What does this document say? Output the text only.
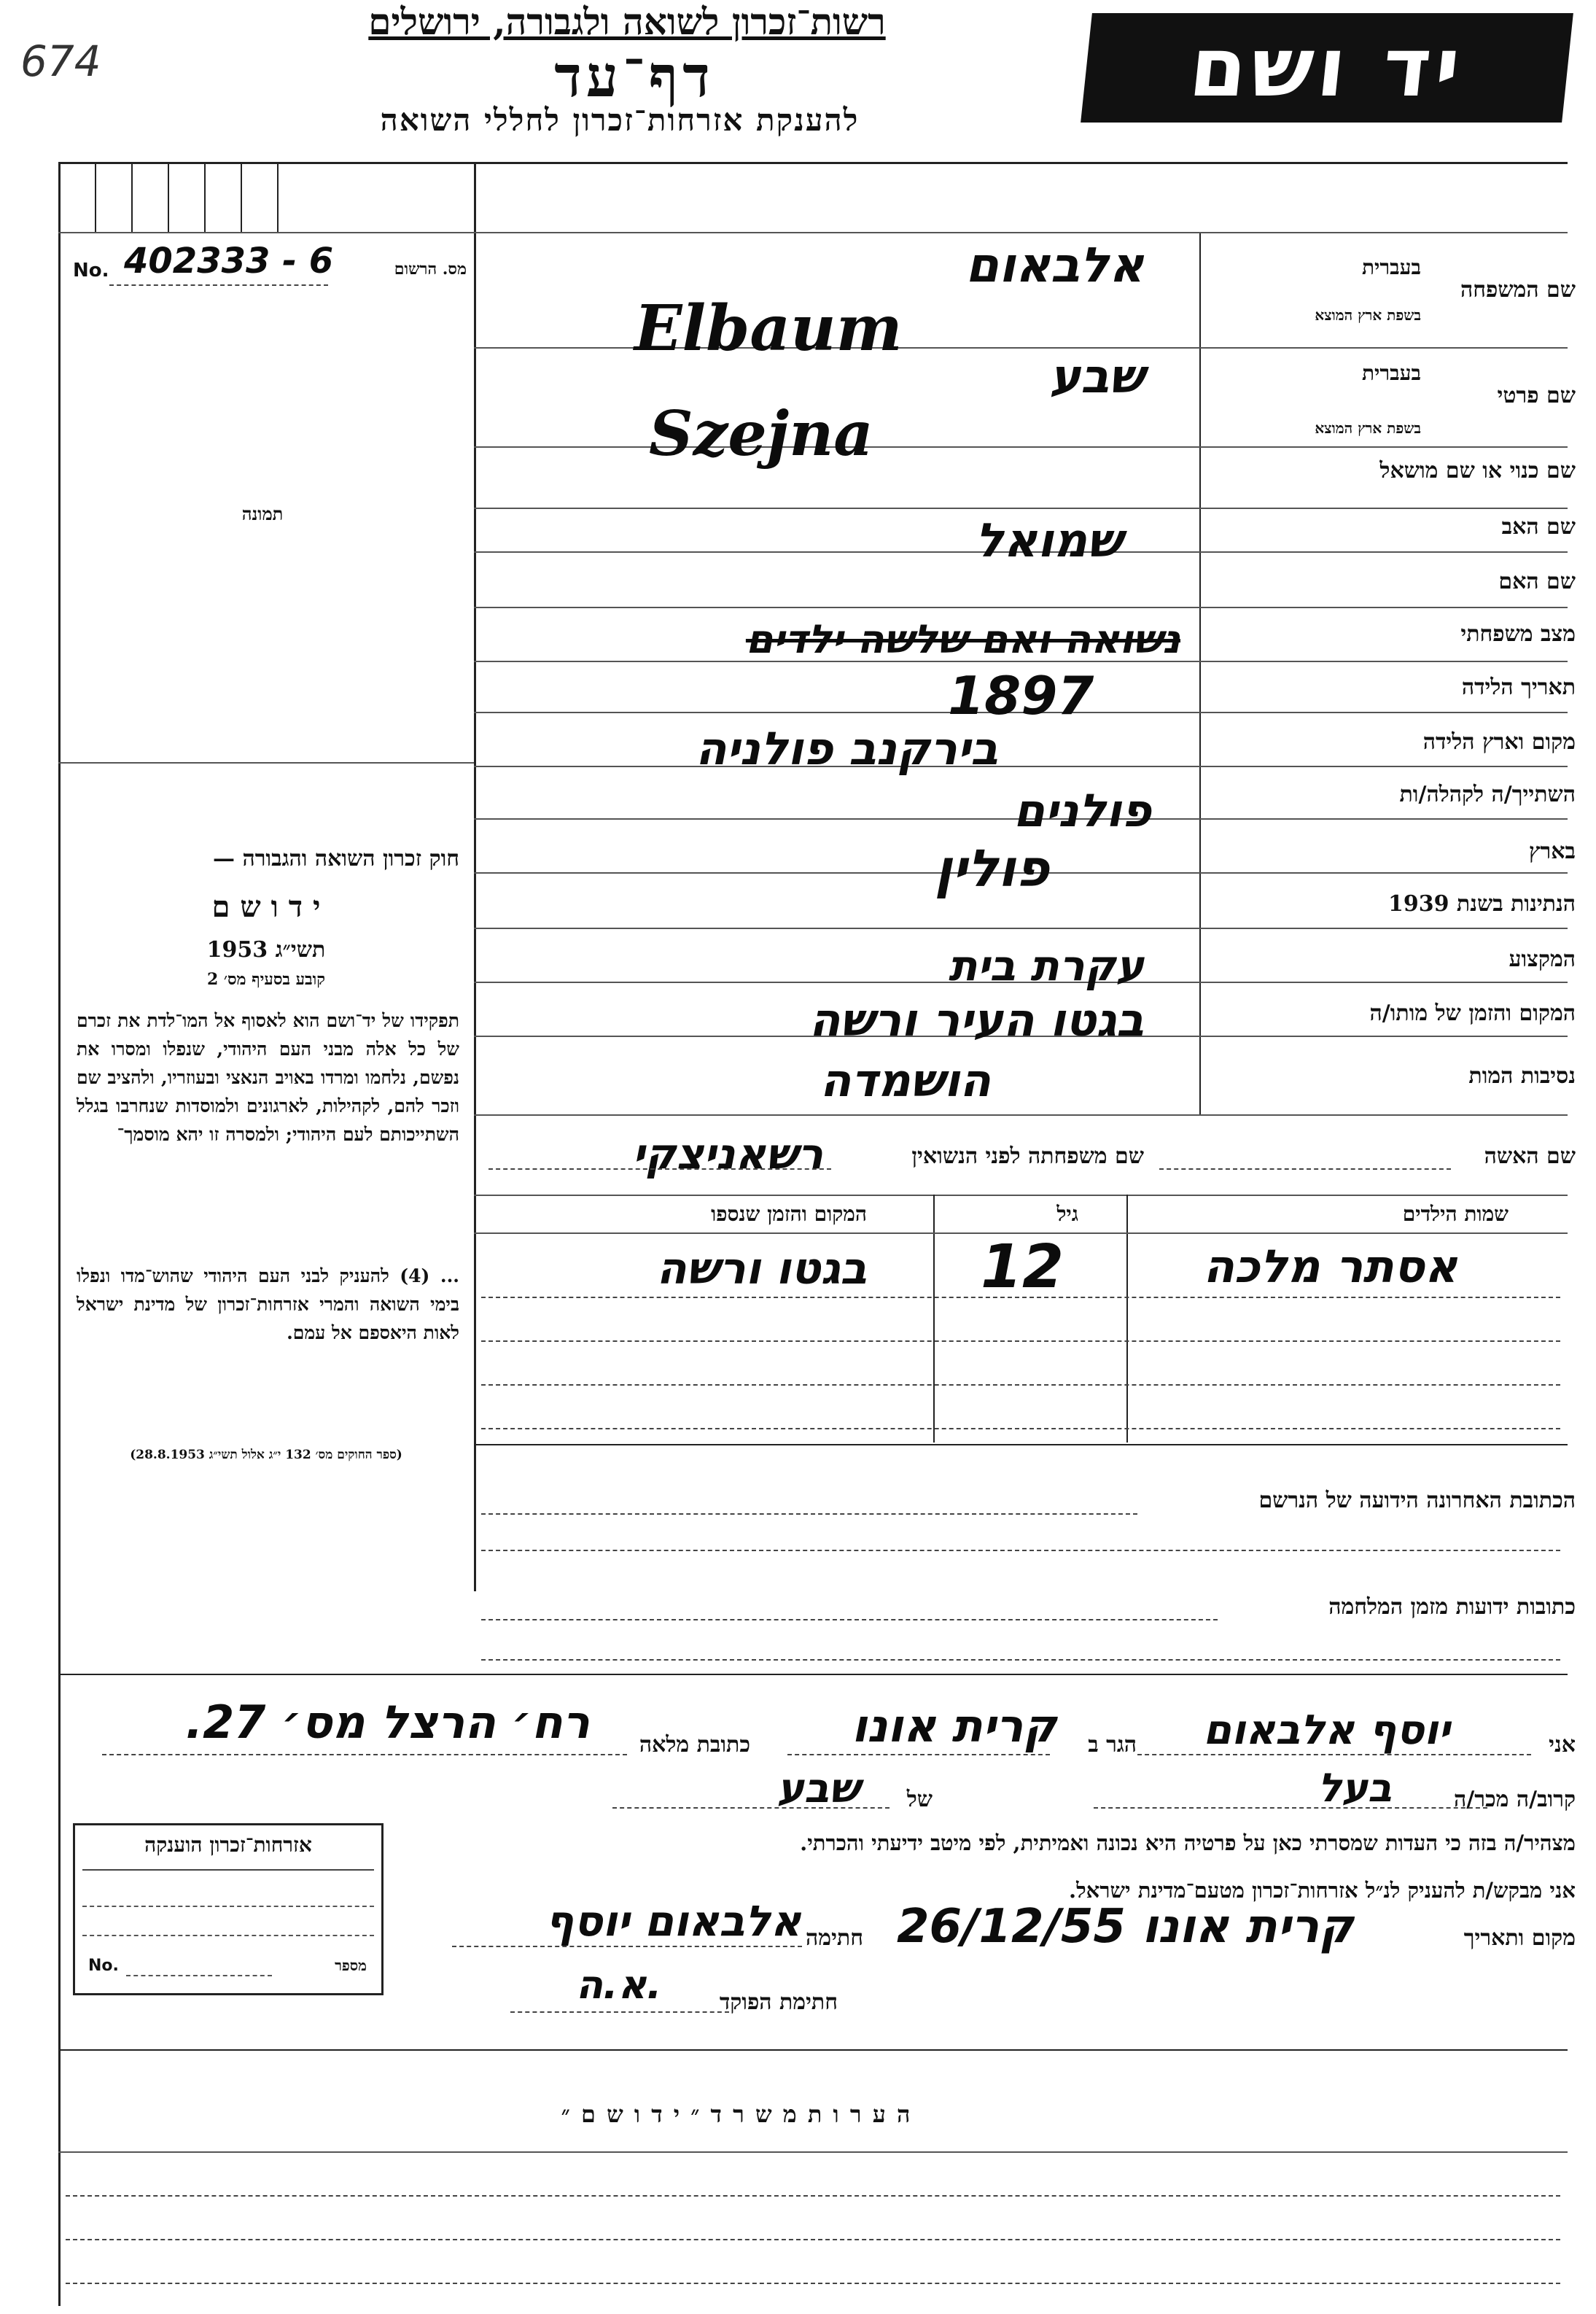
674
רשות־זכרון לשואה ולגבורה, ירושלים
דף־עד
להענקת אזרחות־זכרון לחללי השואה
יד ושם
No. 402333 - 6	מס. הרשום
תמונה
חוק זכרון השואה והגבורה —
י ד ו ש ם
תשי״ג 1953
קובע בסעיף מס׳ 2
תפקידו של יד־ושם הוא לאסוף אל המו־לדת את זכרם של כל אלה מבני העם היהודי, שנפלו ומסרו את נפשם, נלחמו ומרדו באויב הנאצי ובעוזריו, ולהציב שם וזכר להם, לקהילות, לארגונים ולמוסדות שנחרבו בגלל השתייכותם לעם היהודי; ולמסרה זו יהא מוסמך־
... (4) להעניק לבני העם היהודי שהוש־מדו ונפלו בימי השואה והמרי אזרחות־זכרון של מדינת ישראל לאות היאספם אל עמם.
(ספר החוקים מס׳ 132 י״ג אלול תשי״ג 28.8.1953)
בעברית
שם המשפחה
בשפת ארץ המוצא
בעברית
שם פרטי
בשפת ארץ המוצא
שם כנוי או שם מושאל
שם האב
שם האם
מצב משפחתי
תאריך הלידה
מקום וארץ הלידה
השתייך/ה לקהלה/ות
בארץ
הנתינות בשנת 1939
המקצוע
המקום והזמן של מותו/ה
נסיבות המות
אלבאום
Elbaum
שבע
Szejna
שמואל
נשואה ואם שלשה ילדים
1897
בירקנב פולניה
פולנים
פולין
עקרת בית
בגטו העיר ורשה
הושמדה
שם האשה
שם משפחתה לפני הנשואין
רשאניצקי
שמות הילדים
גיל
המקום והזמן שנספו
אסתר מלכה
12
בגטו ורשה
הכתובת האחרונה הידועה של הנרשם
כתובות ידועות מזמן המלחמה
אני
יוסף אלבאום
הגר ב
קרית אונו
כתובת מלאה
רח׳ הרצל מס׳ 27.
קרוב/ה מכר/ה
בעל
של
שבע
מצהיר/ה בזה כי העדות שמסרתי כאן על פרטיה היא נכונה ואמיתית, לפי מיטב ידיעתי והכרתי.
אני מבקש/ת להעניק לנ״ל אזרחות־זכרון מטעם־מדינת ישראל.
מקום ותאריך
קרית אונו 26/12/55
חתימה
אלבאום יוסף
חתימת הפוקד
א.ה.
אזרחות־זכרון הוענקה
No.	מספר
ה ע ר ו ת מ ש ר ד ״ י ד ו ש ם ״
